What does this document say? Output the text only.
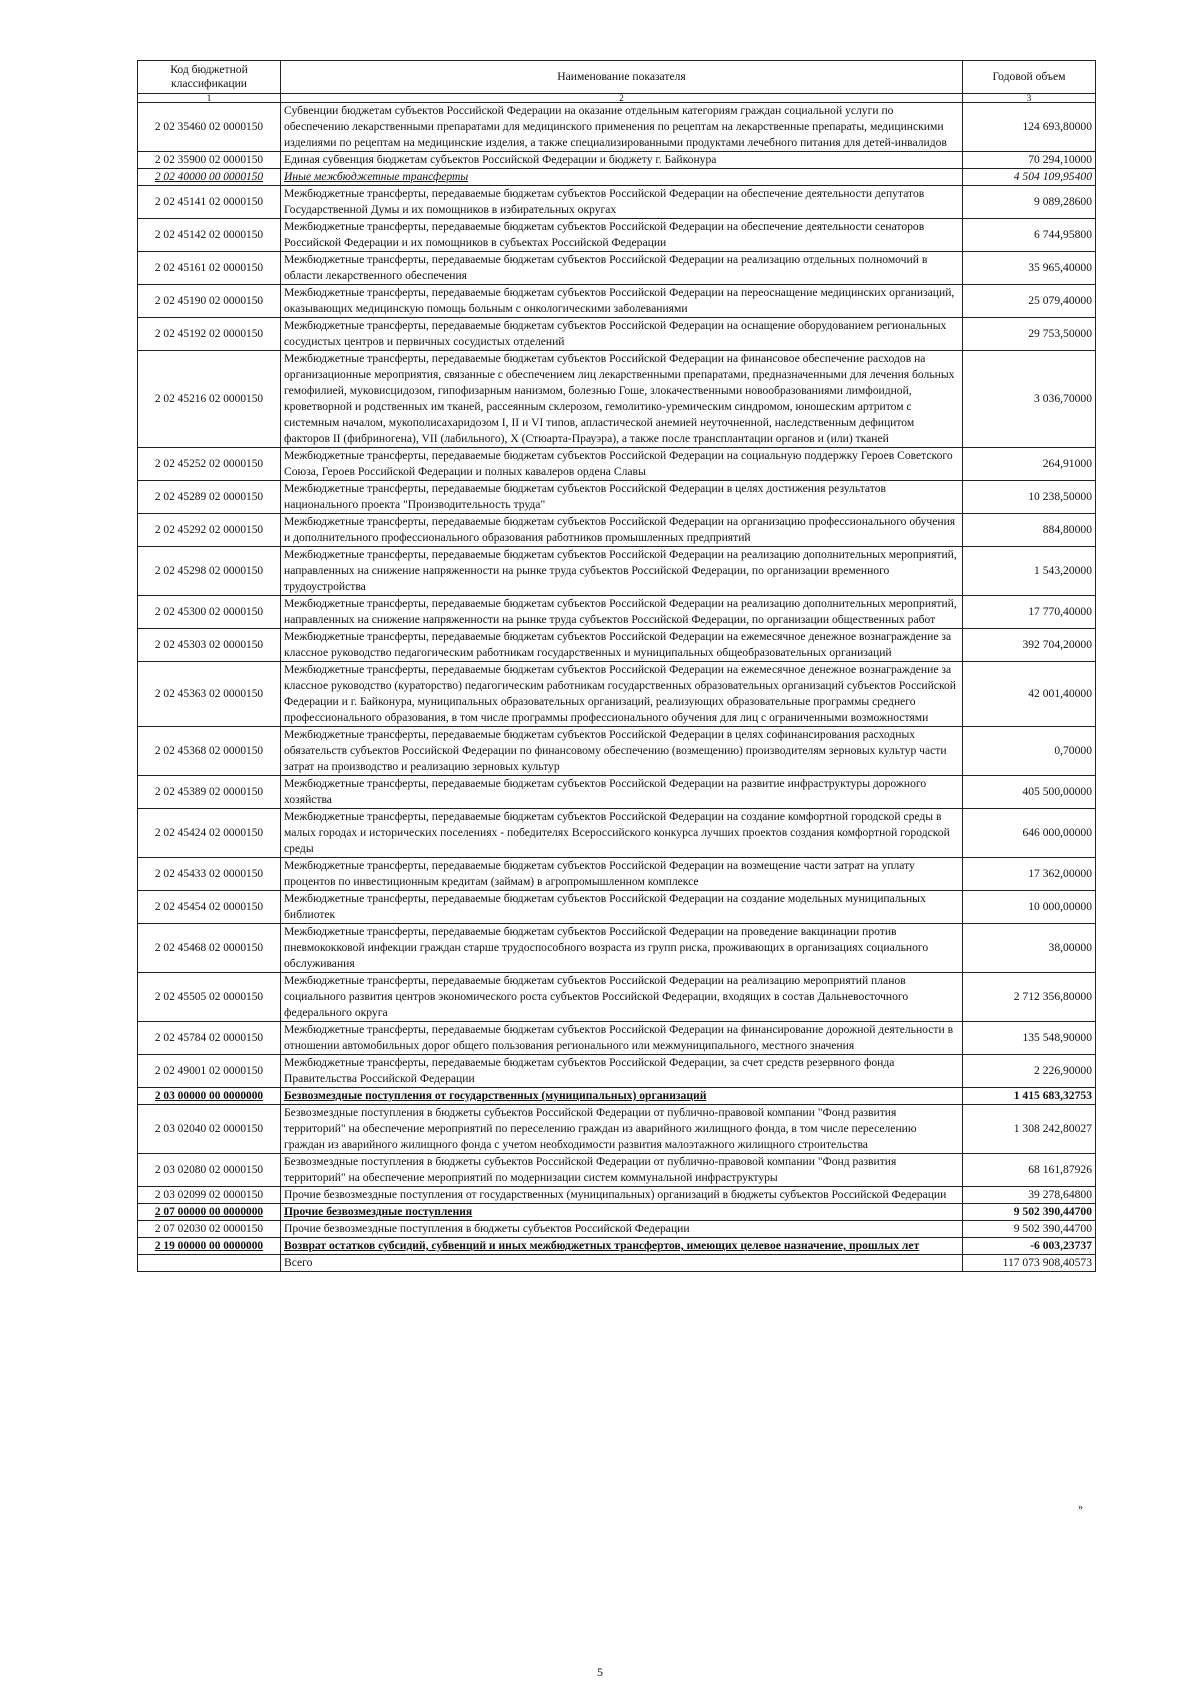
Код бюджетной классификации	Наименование показателя	Годовой объем
1	2	3
2 02 35460 02 0000150	Субвенции бюджетам субъектов Российской Федерации на оказание отдельным категориям граждан социальной услуги по обеспечению лекарственными препаратами для медицинского применения по рецептам на лекарственные препараты, медицинскими изделиями по рецептам на медицинские изделия, а также специализированными продуктами лечебного питания для детей-инвалидов	124 693,80000
2 02 35900 02 0000150	Единая субвенция бюджетам субъектов Российской Федерации и бюджету г. Байконура	70 294,10000
2 02 40000 00 0000150	Иные межбюджетные трансферты	4 504 109,95400
2 02 45141 02 0000150	Межбюджетные трансферты, передаваемые бюджетам субъектов Российской Федерации на обеспечение деятельности депутатов Государственной Думы и их помощников в избирательных округах	9 089,28600
2 02 45142 02 0000150	Межбюджетные трансферты, передаваемые бюджетам субъектов Российской Федерации на обеспечение деятельности сенаторов Российской Федерации и их помощников в субъектах Российской Федерации	6 744,95800
2 02 45161 02 0000150	Межбюджетные трансферты, передаваемые бюджетам субъектов Российской Федерации на реализацию отдельных полномочий в области лекарственного обеспечения	35 965,40000
2 02 45190 02 0000150	Межбюджетные трансферты, передаваемые бюджетам субъектов Российской Федерации на переоснащение медицинских организаций, оказывающих медицинскую помощь больным с онкологическими заболеваниями	25 079,40000
2 02 45192 02 0000150	Межбюджетные трансферты, передаваемые бюджетам субъектов Российской Федерации на оснащение оборудованием региональных сосудистых центров и первичных сосудистых отделений	29 753,50000
2 02 45216 02 0000150	Межбюджетные трансферты, передаваемые бюджетам субъектов Российской Федерации на финансовое обеспечение расходов на организационные мероприятия, связанные с обеспечением лиц лекарственными препаратами, предназначенными для лечения больных гемофилией, муковисцидозом, гипофизарным нанизмом, болезнью Гоше, злокачественными новообразованиями лимфоидной, кроветворной и родственных им тканей, рассеянным склерозом, гемолитико-уремическим синдромом, юношеским артритом с системным началом, мукополисахаридозом I, II и VI типов, апластической анемией неуточненной, наследственным дефицитом факторов II (фибриногена), VII (лабильного), X (Стюарта-Прауэра), а также после трансплантации органов и (или) тканей	3 036,70000
2 02 45252 02 0000150	Межбюджетные трансферты, передаваемые бюджетам субъектов Российской Федерации на социальную поддержку Героев Советского Союза, Героев Российской Федерации и полных кавалеров ордена Славы	264,91000
2 02 45289 02 0000150	Межбюджетные трансферты, передаваемые бюджетам субъектов Российской Федерации в целях достижения результатов национального проекта "Производительность труда"	10 238,50000
2 02 45292 02 0000150	Межбюджетные трансферты, передаваемые бюджетам субъектов Российской Федерации на организацию профессионального обучения и дополнительного профессионального образования работников промышленных предприятий	884,80000
2 02 45298 02 0000150	Межбюджетные трансферты, передаваемые бюджетам субъектов Российской Федерации на реализацию дополнительных мероприятий, направленных на снижение напряженности на рынке труда субъектов Российской Федерации, по организации временного трудоустройства	1 543,20000
2 02 45300 02 0000150	Межбюджетные трансферты, передаваемые бюджетам субъектов Российской Федерации на реализацию дополнительных мероприятий, направленных на снижение напряженности на рынке труда субъектов Российской Федерации, по организации общественных работ	17 770,40000
2 02 45303 02 0000150	Межбюджетные трансферты, передаваемые бюджетам субъектов Российской Федерации на ежемесячное денежное вознаграждение за классное руководство педагогическим работникам государственных и муниципальных общеобразовательных организаций	392 704,20000
2 02 45363 02 0000150	Межбюджетные трансферты, передаваемые бюджетам субъектов Российской Федерации на ежемесячное денежное вознаграждение за классное руководство (кураторство) педагогическим работникам государственных образовательных организаций субъектов Российской Федерации и г. Байконура, муниципальных образовательных организаций, реализующих образовательные программы среднего профессионального образования, в том числе программы профессионального обучения для лиц с ограниченными возможностями	42 001,40000
2 02 45368 02 0000150	Межбюджетные трансферты, передаваемые бюджетам субъектов Российской Федерации в целях софинансирования расходных обязательств субъектов Российской Федерации по финансовому обеспечению (возмещению) производителям зерновых культур части затрат на производство и реализацию зерновых культур	0,70000
2 02 45389 02 0000150	Межбюджетные трансферты, передаваемые бюджетам субъектов Российской Федерации на развитие инфраструктуры дорожного хозяйства	405 500,00000
2 02 45424 02 0000150	Межбюджетные трансферты, передаваемые бюджетам субъектов Российской Федерации на создание комфортной городской среды в малых городах и исторических поселениях - победителях Всероссийского конкурса лучших проектов создания комфортной городской среды	646 000,00000
2 02 45433 02 0000150	Межбюджетные трансферты, передаваемые бюджетам субъектов Российской Федерации на возмещение части затрат на уплату процентов по инвестиционным кредитам (займам) в агропромышленном комплексе	17 362,00000
2 02 45454 02 0000150	Межбюджетные трансферты, передаваемые бюджетам субъектов Российской Федерации на создание модельных муниципальных библиотек	10 000,00000
2 02 45468 02 0000150	Межбюджетные трансферты, передаваемые бюджетам субъектов Российской Федерации на проведение вакцинации против пневмококковой инфекции граждан старше трудоспособного возраста из групп риска, проживающих в организациях социального обслуживания	38,00000
2 02 45505 02 0000150	Межбюджетные трансферты, передаваемые бюджетам субъектов Российской Федерации на реализацию мероприятий планов социального развития центров экономического роста субъектов Российской Федерации, входящих в состав Дальневосточного федерального округа	2 712 356,80000
2 02 45784 02 0000150	Межбюджетные трансферты, передаваемые бюджетам субъектов Российской Федерации на финансирование дорожной деятельности в отношении автомобильных дорог общего пользования регионального или межмуниципального, местного значения	135 548,90000
2 02 49001 02 0000150	Межбюджетные трансферты, передаваемые бюджетам субъектов Российской Федерации, за счет средств резервного фонда Правительства Российской Федерации	2 226,90000
2 03 00000 00 0000000	Безвозмездные поступления от государственных (муниципальных) организаций	1 415 683,32753
2 03 02040 02 0000150	Безвозмездные поступления в бюджеты субъектов Российской Федерации от публично-правовой компании "Фонд развития территорий" на обеспечение мероприятий по переселению граждан из аварийного жилищного фонда, в том числе переселению граждан из аварийного жилищного фонда с учетом необходимости развития малоэтажного жилищного строительства	1 308 242,80027
2 03 02080 02 0000150	Безвозмездные поступления в бюджеты субъектов Российской Федерации от публично-правовой компании "Фонд развития территорий" на обеспечение мероприятий по модернизации систем коммунальной инфраструктуры	68 161,87926
2 03 02099 02 0000150	Прочие безвозмездные поступления от государственных (муниципальных) организаций в бюджеты субъектов Российской Федерации	39 278,64800
2 07 00000 00 0000000	Прочие безвозмездные поступления	9 502 390,44700
2 07 02030 02 0000150	Прочие безвозмездные поступления в бюджеты субъектов Российской Федерации	9 502 390,44700
2 19 00000 00 0000000	Возврат остатков субсидий, субвенций и иных межбюджетных трансфертов, имеющих целевое назначение, прошлых лет	-6 003,23737
	Всего	117 073 908,40573
»
5
